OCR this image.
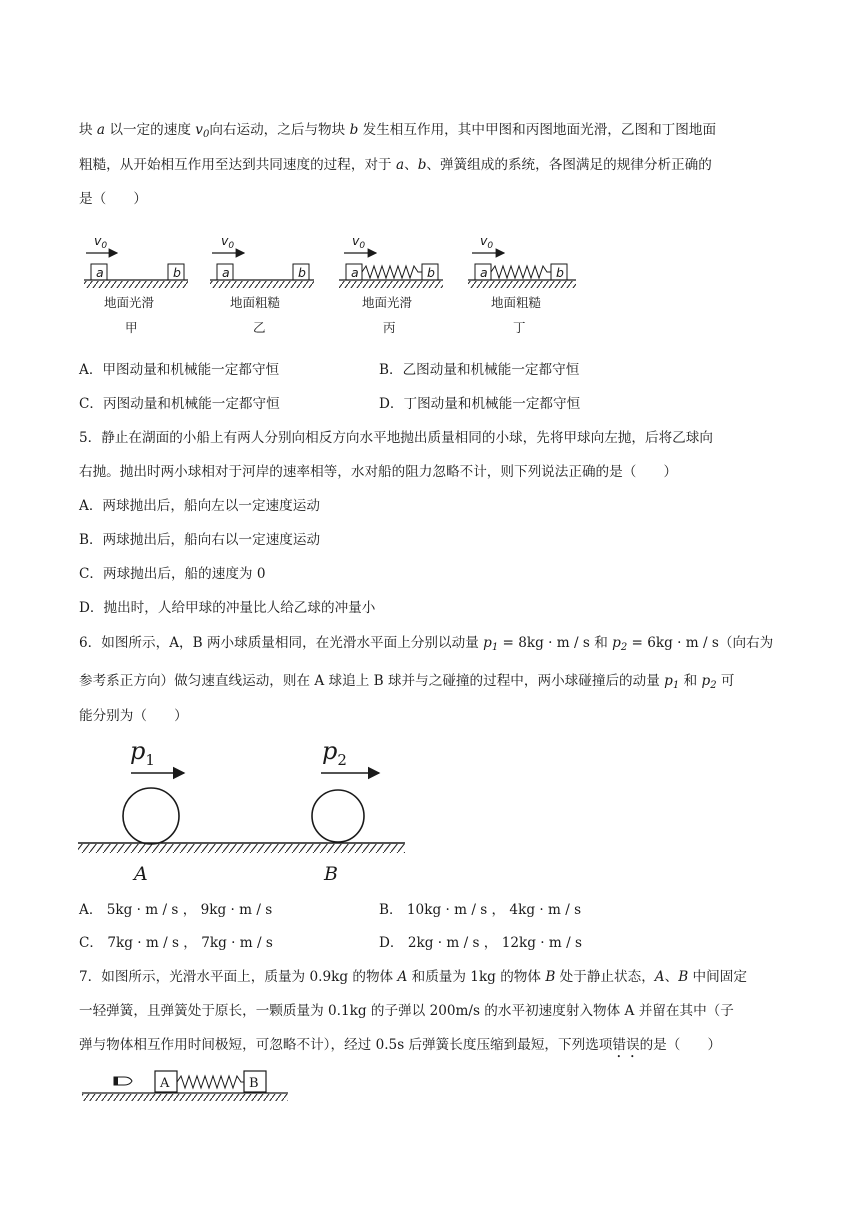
块 a 以一定的速度 $v_0$向右运动，之后与物块 b 发生相互作用，其中甲图和丙图地面光滑，乙图和丁图地面
粗糙，从开始相互作用至达到共同速度的过程，对于 a、b、弹簧组成的系统，各图满足的规律分析正确的
是（　　）
$v_0$
a	b
地面光滑
甲
$v_0$
a	b
地面粗糙
乙
$v_0$
a	b
地面光滑
丙
$v_0$
a	b
地面粗糙
丁
A．甲图动量和机械能一定都守恒	B．乙图动量和机械能一定都守恒
C．丙图动量和机械能一定都守恒	D．丁图动量和机械能一定都守恒
5．静止在湖面的小船上有两人分别向相反方向水平地抛出质量相同的小球，先将甲球向左抛，后将乙球向
右抛。抛出时两小球相对于河岸的速率相等，水对船的阻力忽略不计，则下列说法正确的是（　　）
A．两球抛出后，船向左以一定速度运动
B．两球抛出后，船向右以一定速度运动
C．两球抛出后，船的速度为 0
D．抛出时，人给甲球的冲量比人给乙球的冲量小
6．如图所示，A，B 两小球质量相同，在光滑水平面上分别以动量 $p_1 = 8kg \cdot m / s$ 和 $p_2 = 6kg \cdot m / s$（向右为
参考系正方向）做匀速直线运动，则在 A 球追上 B 球并与之碰撞的过程中，两小球碰撞后的动量 $p_1$ 和 $p_2$ 可
能分别为（　　）
$p_1$	$p_2$
A	B
A． 5kg · m / s ， 9kg · m / s	B． 10kg · m / s ， 4kg · m / s
C． 7kg · m / s ， 7kg · m / s	D． 2kg · m / s ， 12kg · m / s
7．如图所示，光滑水平面上，质量为 0.9kg 的物体 A 和质量为 1kg 的物体 B 处于静止状态，A、B 中间固定
一轻弹簧，且弹簧处于原长，一颗质量为 0.1kg 的子弹以 200m/s 的水平初速度射入物体 A 并留在其中（子
弹与物体相互作用时间极短，可忽略不计），经过 0.5s 后弹簧长度压缩到最短，下列选项错误的是（　　）
A	B
